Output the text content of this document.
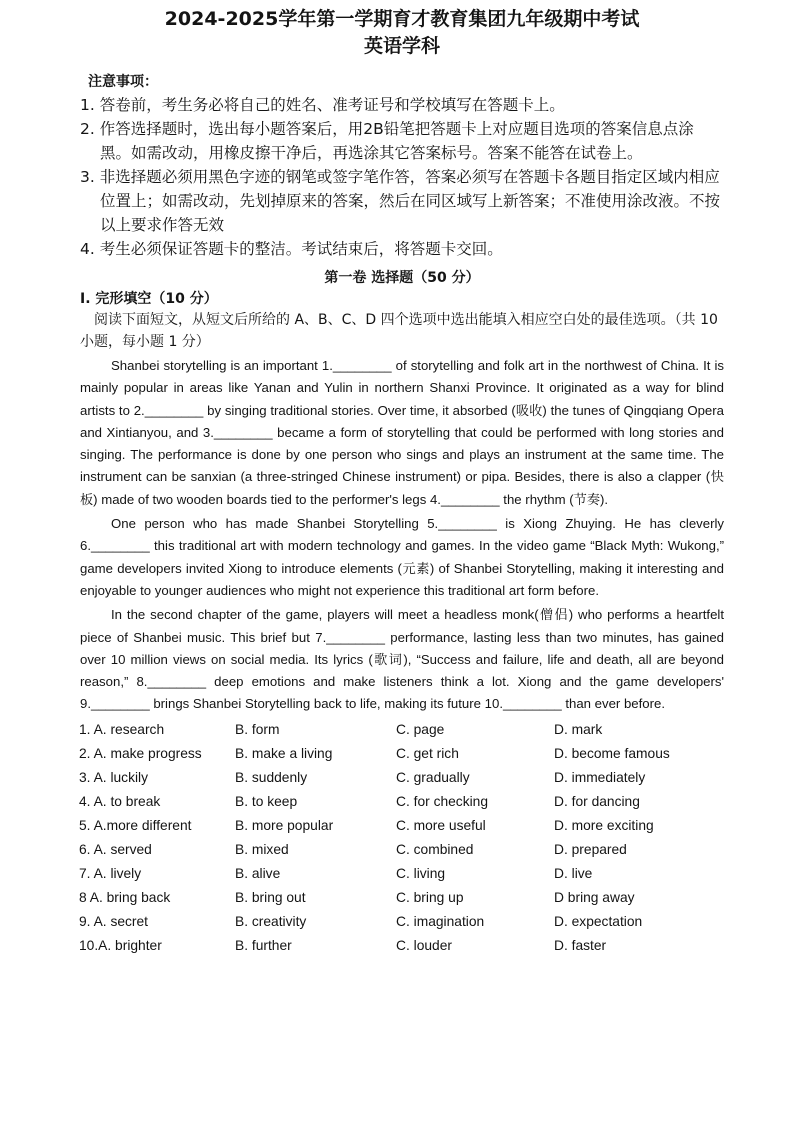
2024-2025学年第一学期育才教育集团九年级期中考试
英语学科
注意事项：
1. 答卷前，考生务必将自己的姓名、准考证号和学校填写在答题卡上。
2. 作答选择题时，选出每小题答案后，用2B铅笔把答题卡上对应题目选项的答案信息点涂黑。如需改动，用橡皮擦干净后，再选涂其它答案标号。答案不能答在试卷上。
3. 非选择题必须用黑色字迹的钢笔或签字笔作答，答案必须写在答题卡各题目指定区域内相应位置上；如需改动，先划掉原来的答案，然后在同区域写上新答案；不准使用涂改液。不按以上要求作答无效
4. 考生必须保证答题卡的整洁。考试结束后，将答题卡交回。
第一卷 选择题（50 分）
I. 完形填空（10 分）
阅读下面短文，从短文后所给的 A、B、C、D 四个选项中选出能填入相应空白处的最佳选项。（共 10 小题，每小题 1 分）

Shanbei storytelling is an important 1.________ of storytelling and folk art in the northwest of China. It is mainly popular in areas like Yanan and Yulin in northern Shanxi Province. It originated as a way for blind artists to 2.________ by singing traditional stories. Over time, it absorbed (吸收) the tunes of Qingqiang Opera and Xintianyou, and 3.________ became a form of storytelling that could be performed with long stories and singing. The performance is done by one person who sings and plays an instrument at the same time. The instrument can be sanxian (a three-stringed Chinese instrument) or pipa. Besides, there is also a clapper (快板) made of two wooden boards tied to the performer's legs 4.________ the rhythm (节奏).

One person who has made Shanbei Storytelling 5.________ is Xiong Zhuying. He has cleverly 6.________ this traditional art with modern technology and games. In the video game “Black Myth: Wukong,” game developers invited Xiong to introduce elements (元素) of Shanbei Storytelling, making it interesting and enjoyable to younger audiences who might not experience this traditional art form before.

In the second chapter of the game, players will meet a headless monk(僧侣) who performs a heartfelt piece of Shanbei music. This brief but 7.________ performance, lasting less than two minutes, has gained over 10 million views on social media. Its lyrics (歌词), “Success and failure, life and death, all are beyond reason,” 8.________ deep emotions and make listeners think a lot. Xiong and the game developers' 9.________ brings Shanbei Storytelling back to life, making its future 10.________ than ever before.

1. A. research	B. form	C. page	D. mark
2. A. make progress	B. make a living	C. get rich	D. become famous
3. A. luckily	B. suddenly	C. gradually	D. immediately
4. A. to break	B. to keep	C. for checking	D. for dancing
5. A.more different	B. more popular	C. more useful	D. more exciting
6. A. served	B. mixed	C. combined	D. prepared
7. A. lively	B. alive	C. living	D. live
8 A. bring back	B. bring out	C. bring up	D bring away
9. A. secret	B. creativity	C. imagination	D. expectation
10.A. brighter	B. further	C. louder	D. faster
